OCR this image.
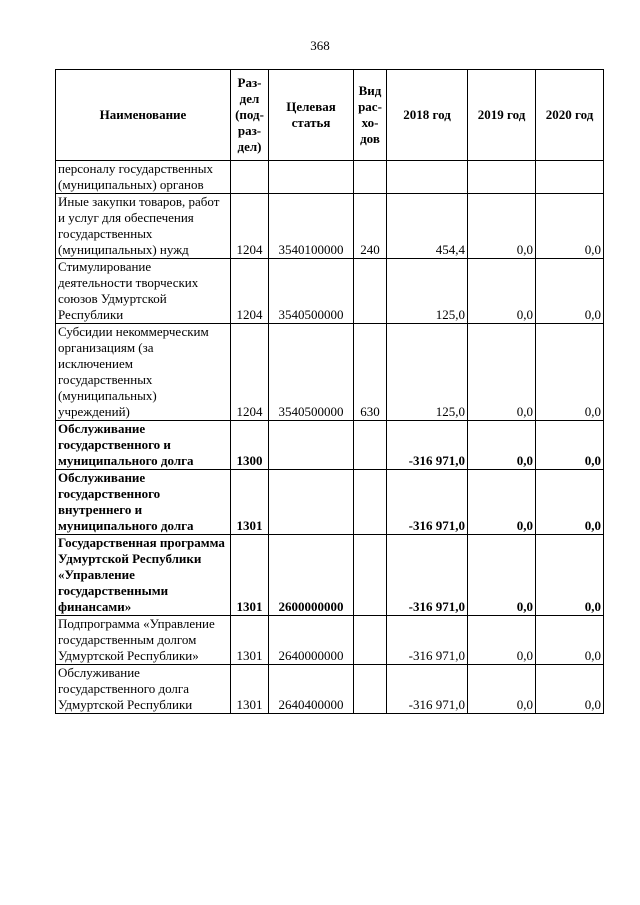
368
Наименование	Раз-дел (под-раз-дел)	Целевая статья	Вид рас-хо-дов	2018 год	2019 год	2020 год
персоналу государственных (муниципальных) органов						
Иные закупки товаров, работ и услуг для обеспечения государственных (муниципальных) нужд	1204	3540100000	240	454,4	0,0	0,0
Стимулирование деятельности творческих союзов Удмуртской Республики	1204	3540500000		125,0	0,0	0,0
Субсидии некоммерческим организациям (за исключением государственных (муниципальных) учреждений)	1204	3540500000	630	125,0	0,0	0,0
Обслуживание государственного и муниципального долга	1300			-316 971,0	0,0	0,0
Обслуживание государственного внутреннего и муниципального долга	1301			-316 971,0	0,0	0,0
Государственная программа Удмуртской Республики «Управление государственными финансами»	1301	2600000000		-316 971,0	0,0	0,0
Подпрограмма «Управление государственным долгом Удмуртской Республики»	1301	2640000000		-316 971,0	0,0	0,0
Обслуживание государственного долга Удмуртской Республики	1301	2640400000		-316 971,0	0,0	0,0
